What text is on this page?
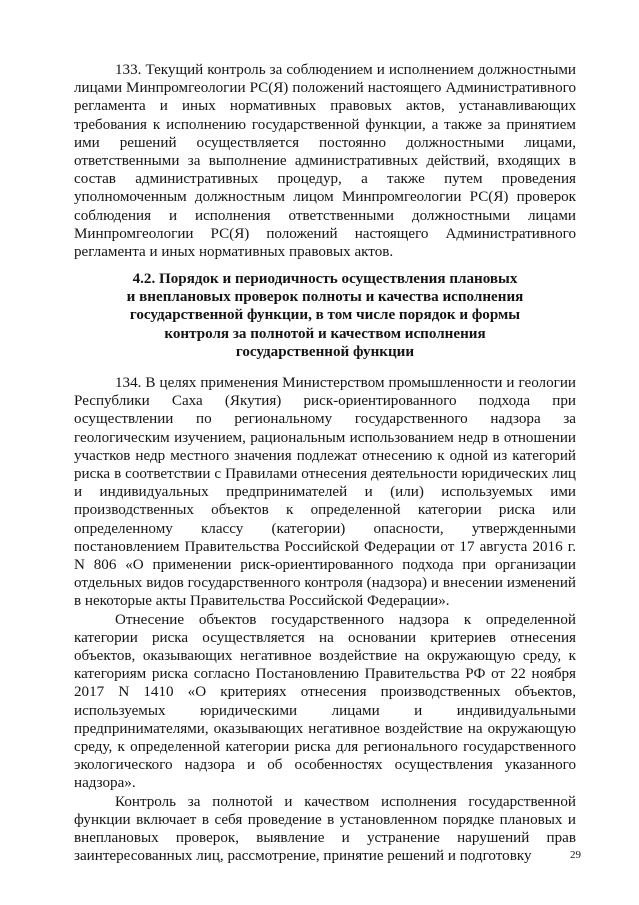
133. Текущий контроль за соблюдением и исполнением должностными лицами Минпромгеологии РС(Я) положений настоящего Административного регламента и иных нормативных правовых актов, устанавливающих требования к исполнению государственной функции, а также за принятием ими решений осуществляется постоянно должностными лицами, ответственными за выполнение административных действий, входящих в состав административных процедур, а также путем проведения уполномоченным должностным лицом Минпромгеологии РС(Я) проверок соблюдения и исполнения ответственными должностными лицами Минпромгеологии РС(Я) положений настоящего Административного регламента и иных нормативных правовых актов.

4.2. Порядок и периодичность осуществления плановых
и внеплановых проверок полноты и качества исполнения
государственной функции, в том числе порядок и формы
контроля за полнотой и качеством исполнения
государственной функции

134. В целях применения Министерством промышленности и геологии Республики Саха (Якутия) риск-ориентированного подхода при осуществлении по региональному государственного надзора за геологическим изучением, рациональным использованием недр в отношении участков недр местного значения подлежат отнесению к одной из категорий риска в соответствии с Правилами отнесения деятельности юридических лиц и индивидуальных предпринимателей и (или) используемых ими производственных объектов к определенной категории риска или определенному классу (категории) опасности, утвержденными постановлением Правительства Российской Федерации от 17 августа 2016 г. N 806 «О применении риск-ориентированного подхода при организации отдельных видов государственного контроля (надзора) и внесении изменений в некоторые акты Правительства Российской Федерации».

Отнесение объектов государственного надзора к определенной категории риска осуществляется на основании критериев отнесения объектов, оказывающих негативное воздействие на окружающую среду, к категориям риска согласно Постановлению Правительства РФ от 22 ноября 2017 N 1410 «О критериях отнесения производственных объектов, используемых юридическими лицами и индивидуальными предпринимателями, оказывающих негативное воздействие на окружающую среду, к определенной категории риска для регионального государственного экологического надзора и об особенностях осуществления указанного надзора».

Контроль за полнотой и качеством исполнения государственной функции включает в себя проведение в установленном порядке плановых и внеплановых проверок, выявление и устранение нарушений прав заинтересованных лиц, рассмотрение, принятие решений и подготовку	29
